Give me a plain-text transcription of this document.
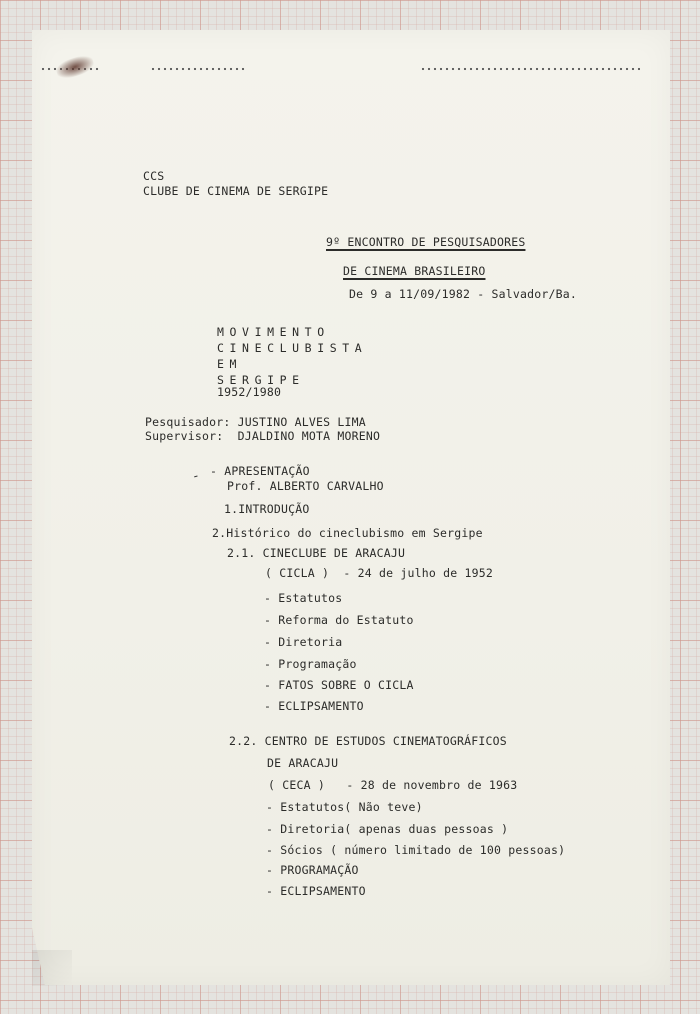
CCS
CLUBE DE CINEMA DE SERGIPE
9º ENCONTRO DE PESQUISADORES
DE CINEMA BRASILEIRO
De 9 a 11/09/1982 - Salvador/Ba.
MOVIMENTO
CINECLUBISTA
EM
SERGIPE
1952/1980
Pesquisador: JUSTINO ALVES LIMA
Supervisor:  DJALDINO MOTA MORENO
- APRESENTAÇÃO
-
Prof. ALBERTO CARVALHO
1.INTRODUÇÃO
2.Histórico do cineclubismo em Sergipe
2.1. CINECLUBE DE ARACAJU
( CICLA )  - 24 de julho de 1952
- Estatutos
- Reforma do Estatuto
- Diretoria
- Programação
- FATOS SOBRE O CICLA
- ECLIPSAMENTO
2.2. CENTRO DE ESTUDOS CINEMATOGRÁFICOS
DE ARACAJU
( CECA )   - 28 de novembro de 1963
- Estatutos( Não teve)
- Diretoria( apenas duas pessoas )
- Sócios ( número limitado de 100 pessoas)
- PROGRAMAÇÃO
- ECLIPSAMENTO
